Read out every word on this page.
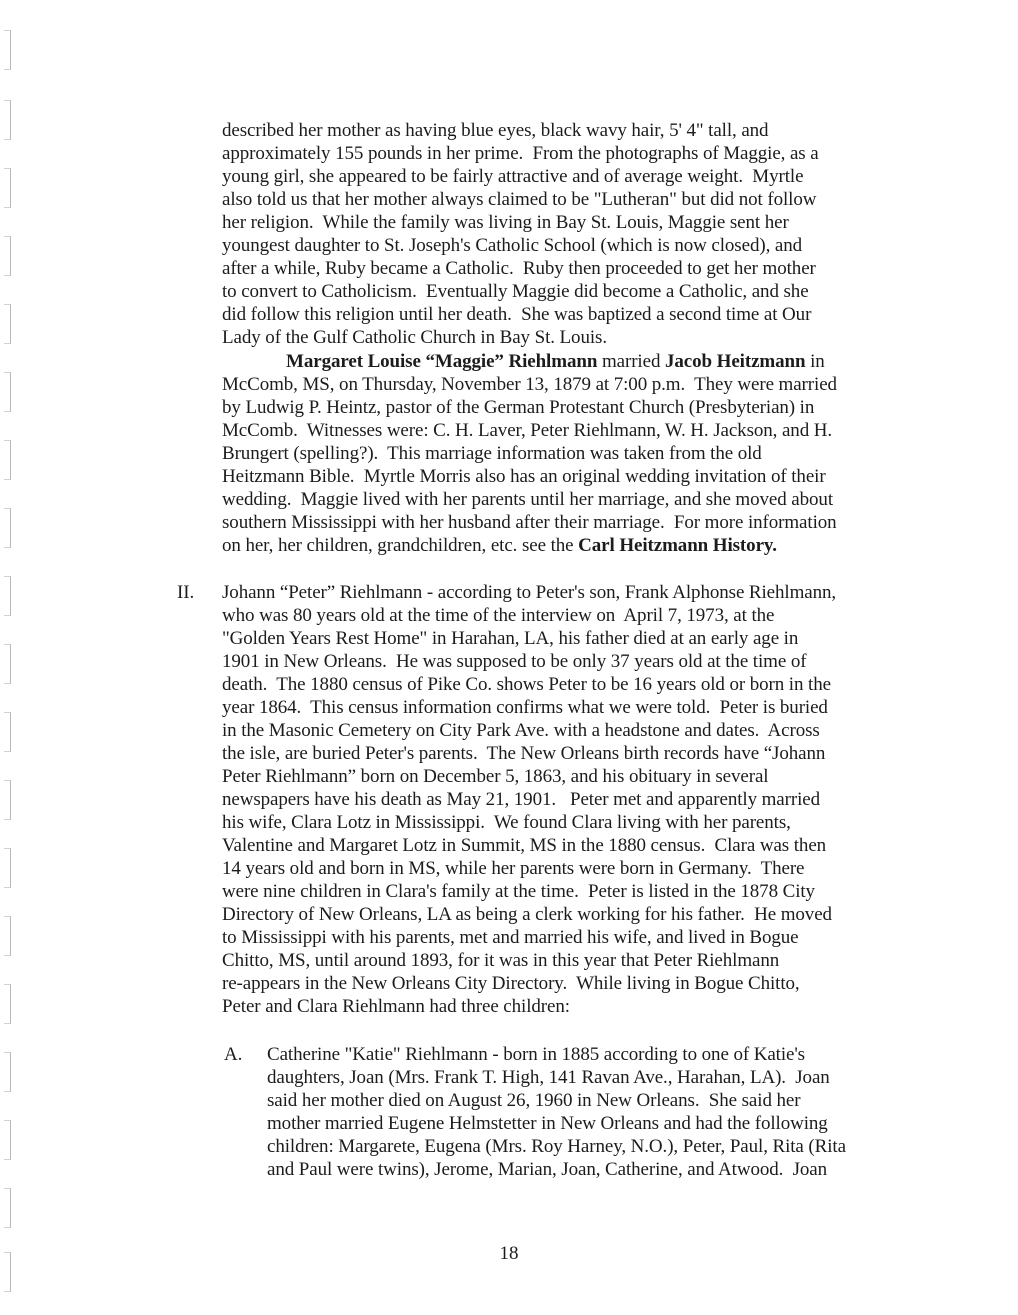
described her mother as having blue eyes, black wavy hair, 5' 4" tall, and
approximately 155 pounds in her prime.  From the photographs of Maggie, as a
young girl, she appeared to be fairly attractive and of average weight.  Myrtle
also told us that her mother always claimed to be "Lutheran" but did not follow
her religion.  While the family was living in Bay St. Louis, Maggie sent her
youngest daughter to St. Joseph's Catholic School (which is now closed), and
after a while, Ruby became a Catholic.  Ruby then proceeded to get her mother
to convert to Catholicism.  Eventually Maggie did become a Catholic, and she
did follow this religion until her death.  She was baptized a second time at Our
Lady of the Gulf Catholic Church in Bay St. Louis.
Margaret Louise “Maggie” Riehlmann married Jacob Heitzmann in
McComb, MS, on Thursday, November 13, 1879 at 7:00 p.m.  They were married
by Ludwig P. Heintz, pastor of the German Protestant Church (Presbyterian) in
McComb.  Witnesses were: C. H. Laver, Peter Riehlmann, W. H. Jackson, and H.
Brungert (spelling?).  This marriage information was taken from the old
Heitzmann Bible.  Myrtle Morris also has an original wedding invitation of their
wedding.  Maggie lived with her parents until her marriage, and she moved about
southern Mississippi with her husband after their marriage.  For more information
on her, her children, grandchildren, etc. see the Carl Heitzmann History.
II. Johann “Peter” Riehlmann - according to Peter's son, Frank Alphonse Riehlmann,
who was 80 years old at the time of the interview on  April 7, 1973, at the
"Golden Years Rest Home" in Harahan, LA, his father died at an early age in
1901 in New Orleans.  He was supposed to be only 37 years old at the time of
death.  The 1880 census of Pike Co. shows Peter to be 16 years old or born in the
year 1864.  This census information confirms what we were told.  Peter is buried
in the Masonic Cemetery on City Park Ave. with a headstone and dates.  Across
the isle, are buried Peter's parents.  The New Orleans birth records have “Johann
Peter Riehlmann” born on December 5, 1863, and his obituary in several
newspapers have his death as May 21, 1901.   Peter met and apparently married
his wife, Clara Lotz in Mississippi.  We found Clara living with her parents,
Valentine and Margaret Lotz in Summit, MS in the 1880 census.  Clara was then
14 years old and born in MS, while her parents were born in Germany.  There
were nine children in Clara's family at the time.  Peter is listed in the 1878 City
Directory of New Orleans, LA as being a clerk working for his father.  He moved
to Mississippi with his parents, met and married his wife, and lived in Bogue
Chitto, MS, until around 1893, for it was in this year that Peter Riehlmann
re-appears in the New Orleans City Directory.  While living in Bogue Chitto,
Peter and Clara Riehlmann had three children:
A. Catherine "Katie" Riehlmann - born in 1885 according to one of Katie's
daughters, Joan (Mrs. Frank T. High, 141 Ravan Ave., Harahan, LA).  Joan
said her mother died on August 26, 1960 in New Orleans.  She said her
mother married Eugene Helmstetter in New Orleans and had the following
children: Margarete, Eugena (Mrs. Roy Harney, N.O.), Peter, Paul, Rita (Rita
and Paul were twins), Jerome, Marian, Joan, Catherine, and Atwood.  Joan
18
